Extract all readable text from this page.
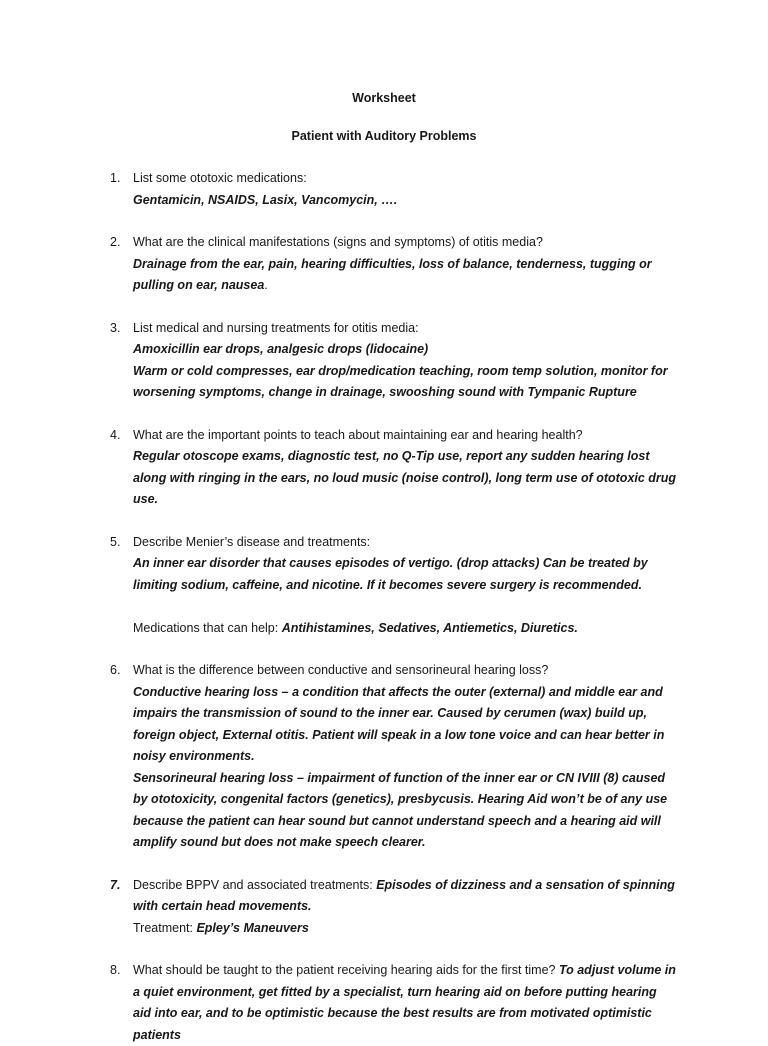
Worksheet
Patient with Auditory Problems
1.	List some ototoxic medications:
Gentamicin, NSAIDS, Lasix, Vancomycin, ….
2.	What are the clinical manifestations (signs and symptoms) of otitis media?
Drainage from the ear, pain, hearing difficulties, loss of balance, tenderness, tugging or pulling on ear, nausea.
3.	List medical and nursing treatments for otitis media:
Amoxicillin ear drops, analgesic drops (lidocaine)
Warm or cold compresses, ear drop/medication teaching, room temp solution, monitor for worsening symptoms, change in drainage, swooshing sound with Tympanic Rupture
4.	What are the important points to teach about maintaining ear and hearing health?
Regular otoscope exams, diagnostic test, no Q-Tip use, report any sudden hearing lost along with ringing in the ears, no loud music (noise control), long term use of ototoxic drug use.
5.	Describe Menier’s disease and treatments:
An inner ear disorder that causes episodes of vertigo. (drop attacks) Can be treated by limiting sodium, caffeine, and nicotine. If it becomes severe surgery is recommended.
Medications that can help: Antihistamines, Sedatives, Antiemetics, Diuretics.
6.	What is the difference between conductive and sensorineural hearing loss?
Conductive hearing loss – a condition that affects the outer (external) and middle ear and impairs the transmission of sound to the inner ear. Caused by cerumen (wax) build up, foreign object, External otitis. Patient will speak in a low tone voice and can hear better in noisy environments.
Sensorineural hearing loss – impairment of function of the inner ear or CN IVIII (8) caused by ototoxicity, congenital factors (genetics), presbycusis. Hearing Aid won’t be of any use because the patient can hear sound but cannot understand speech and a hearing aid will amplify sound but does not make speech clearer.
7.	Describe BPPV and associated treatments: Episodes of dizziness and a sensation of spinning with certain head movements.
Treatment: Epley’s Maneuvers
8.	What should be taught to the patient receiving hearing aids for the first time? To adjust volume in a quiet environment, get fitted by a specialist, turn hearing aid on before putting hearing aid into ear, and to be optimistic because the best results are from motivated optimistic patients
